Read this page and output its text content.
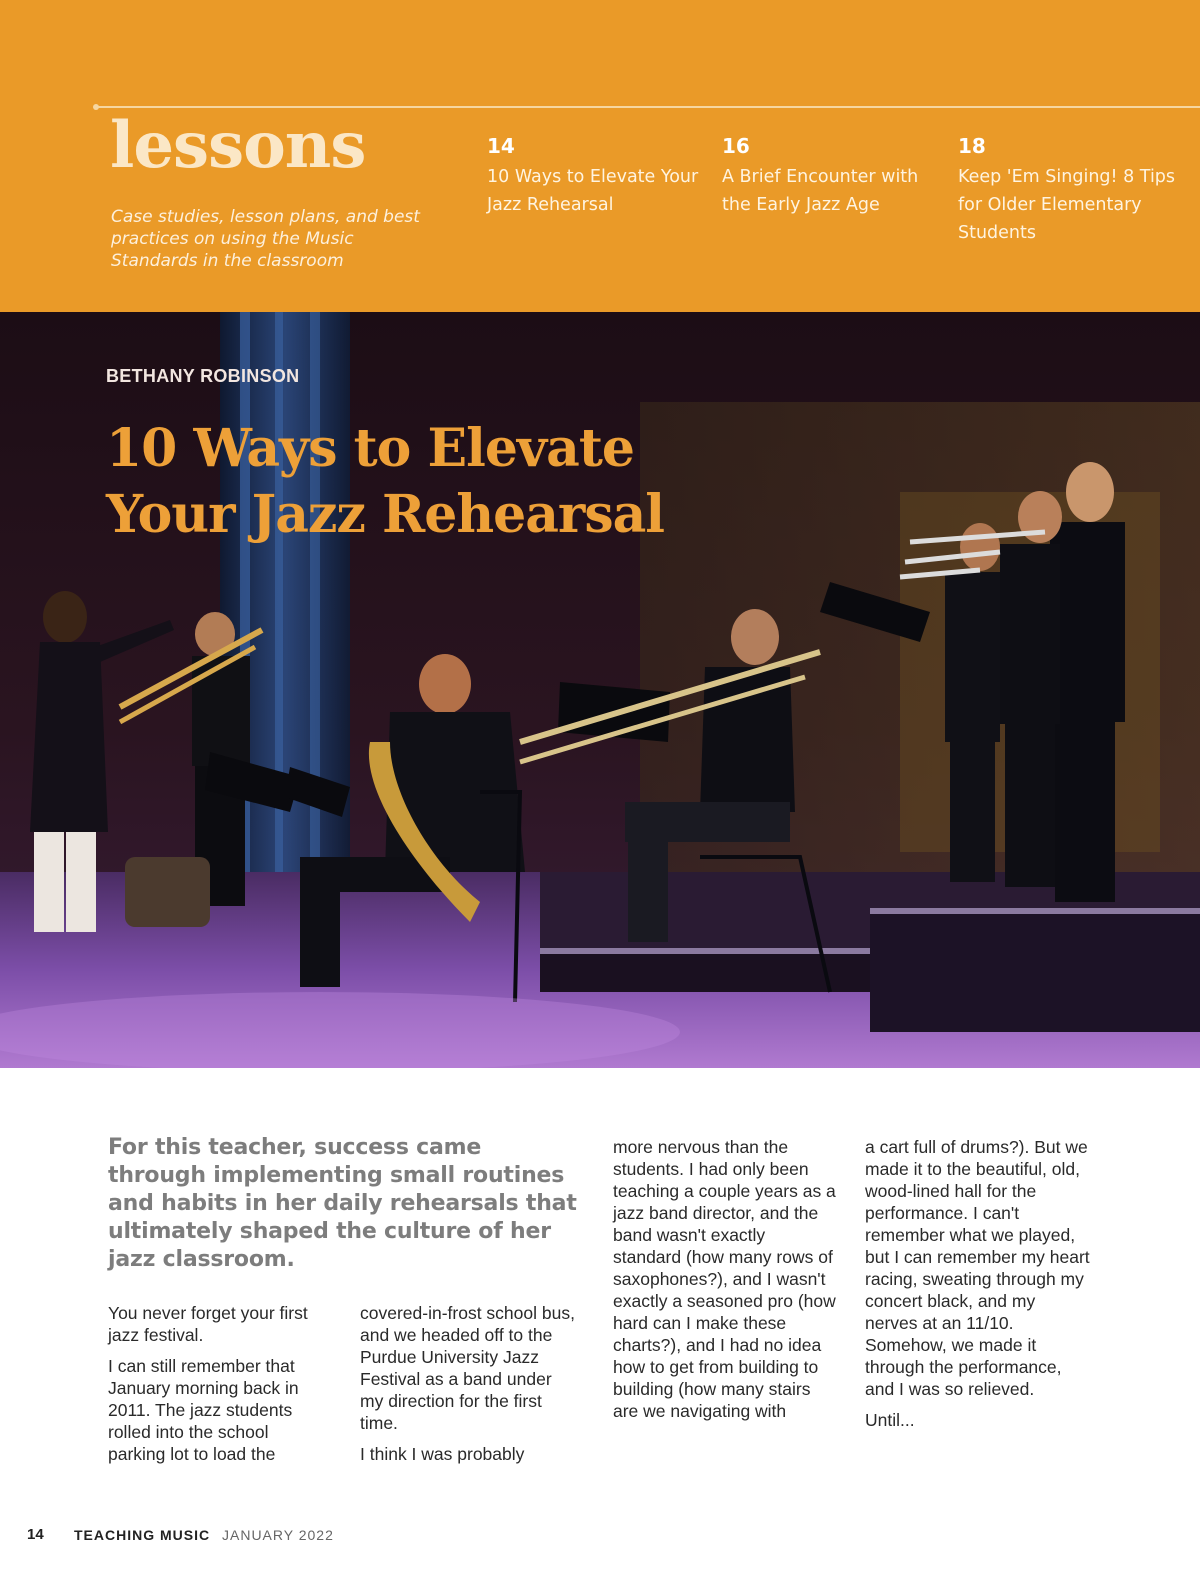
lessons
Case studies, lesson plans, and best practices on using the Music Standards in the classroom
14
10 Ways to Elevate Your Jazz Rehearsal
16
A Brief Encounter with the Early Jazz Age
18
Keep 'Em Singing! 8 Tips for Older Elementary Students
BETHANY ROBINSON
10 Ways to Elevate Your Jazz Rehearsal
For this teacher, success came through implementing small routines and habits in her daily rehearsals that ultimately shaped the culture of her jazz classroom.

You never forget your first jazz festival.

I can still remember that January morning back in 2011. The jazz students rolled into the school parking lot to load the

covered-in-frost school bus, and we headed off to the Purdue University Jazz Festival as a band under my direction for the first time.

I think I was probably

more nervous than the students. I had only been teaching a couple years as a jazz band director, and the band wasn't exactly standard (how many rows of saxophones?), and I wasn't exactly a seasoned pro (how hard can I make these charts?), and I had no idea how to get from building to building (how many stairs are we navigating with

a cart full of drums?). But we made it to the beautiful, old, wood-lined hall for the performance. I can't remember what we played, but I can remember my heart racing, sweating through my concert black, and my nerves at an 11/10. Somehow, we made it through the performance, and I was so relieved.

Until...

14 TEACHING MUSIC JANUARY 2022
